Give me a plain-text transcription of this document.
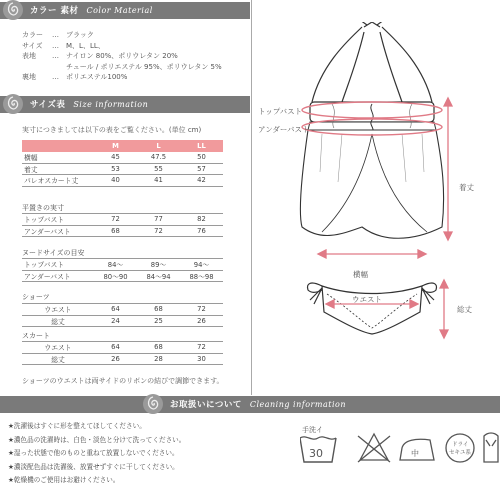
カラー 素材 Color Material
カラー	…	ブラック
サイズ	…	M、L、LL、
表地	…	ナイロン 80%、ポリウレタン 20%
チュール / ポリエステル 95%、ポリウレタン 5%
裏地	…	ポリエステル100%
サイズ表 Size information
実寸につきましては以下の表をご覧ください。(単位 cm)
	M	L	LL
横幅	45	47.5	50
着丈	53	55	57
パレオスカート丈	40	41	42
平置きの実寸
トップバスト	72	77	82
アンダーバスト	68	72	76
ヌードサイズの目安
トップバスト	84〜	89〜	94〜
アンダーバスト	80〜90	84〜94	88〜98
ショーツ
ウエスト	64	68	72
総丈	24	25	26
スカート
ウエスト	64	68	72
総丈	26	28	30
ショーツのウエストは両サイドのリボンの結びで調節できます。
トップバスト
アンダーバスト
着丈
横幅
ウエスト
総丈
お取扱いについて Cleaning information
★洗濯後はすぐに形を整えてほしてください。
★濃色品の洗濯時は、白色・淡色と分けて洗ってください。
★湿った状態で他のものと重ねて放置しないでください。
★濃淡配色品は洗濯後、放置せずすぐに干してください。
★乾燥機のご使用はお避けください。
手洗イ
30	中
ドライ
セキユ系
